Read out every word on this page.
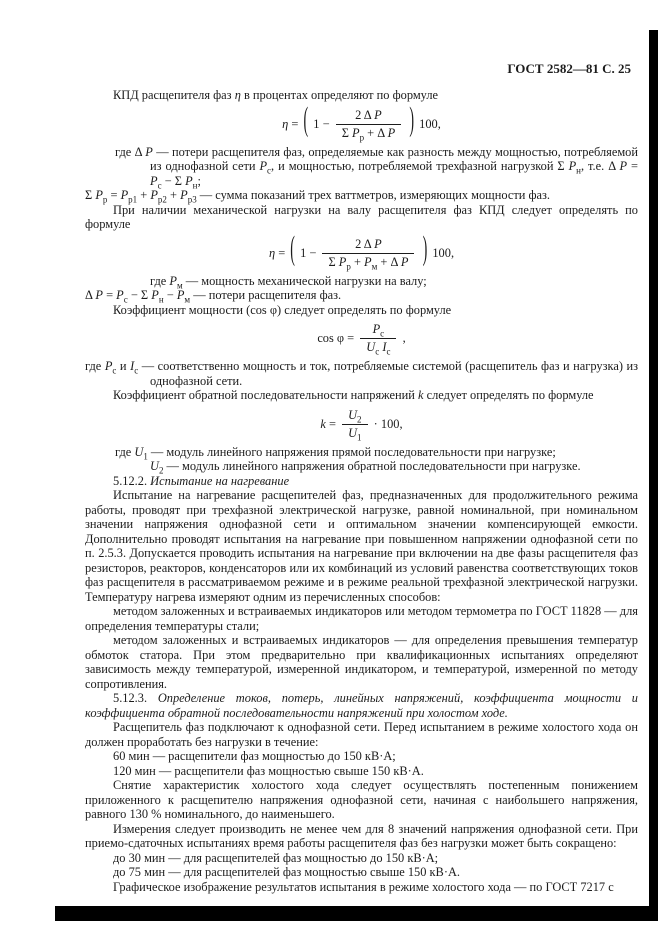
ГОСТ 2582—81 С. 25

КПД расщепителя фаз η в процентах определяют по формуле

η = ( $1 - \frac{\text{2 Δ P}}{\Sigma P_р + \Delta P}$ ) 100,

где Δ P — потери расщепителя фаз, определяемые как разность между мощностью, потребляемой из однофазной сети $P_с$, и мощностью, потребляемой трехфазной нагрузкой Σ $P_н$, т.е. Δ $P = P_с - \Sigma$ $P_н$;

Σ $P_р = P_{р1} + P_{р2} + P_{р3}$ — сумма показаний трех ваттметров, измеряющих мощности фаз.

При наличии механической нагрузки на валу расщепителя фаз КПД следует определять по формуле

η = ( $1 - \frac{\text{2 Δ P}}{\Sigma P_р + P_м + \Delta P}$ ) 100,

где $P_м$ — мощность механической нагрузки на валу;

Δ $P = P_с - \Sigma$ $P_н - P_м$ — потери расщепителя фаз.

Коэффициент мощности (cos φ) следует определять по формуле

$\cos \varphi = \frac{P_с}{U_с I_с}$ ,

где $P_с$ и $I_с$ — соответственно мощность и ток, потребляемые системой (расщепитель фаз и нагрузка) из однофазной сети.

Коэффициент обратной последовательности напряжений k следует определять по формуле

$k = \frac{U_2}{U_1} \cdot 100$,

где $U_1$ — модуль линейного напряжения прямой последовательности при нагрузке;

$U_2$ — модуль линейного напряжения обратной последовательности при нагрузке.

5.12.2. Испытание на нагревание

Испытание на нагревание расщепителей фаз, предназначенных для продолжительного режима работы, проводят при трехфазной электрической нагрузке, равной номинальной, при номинальном значении напряжения однофазной сети и оптимальном значении компенсирующей емкости. Дополнительно проводят испытания на нагревание при повышенном напряжении однофазной сети по п. 2.5.3. Допускается проводить испытания на нагревание при включении на две фазы расщепителя фаз резисторов, реакторов, конденсаторов или их комбинаций из условий равенства соответствующих токов фаз расщепителя в рассматриваемом режиме и в режиме реальной трехфазной электрической нагрузки. Температуру нагрева измеряют одним из перечисленных способов:

методом заложенных и встраиваемых индикаторов или методом термометра по ГОСТ 11828 — для определения температуры стали;

методом заложенных и встраиваемых индикаторов — для определения превышения температур обмоток статора. При этом предварительно при квалификационных испытаниях определяют зависимость между температурой, измеренной индикатором, и температурой, измеренной по методу сопротивления.

5.12.3. Определение токов, потерь, линейных напряжений, коэффициента мощности и коэффициента обратной последовательности напряжений при холостом ходе.

Расщепитель фаз подключают к однофазной сети. Перед испытанием в режиме холостого хода он должен проработать без нагрузки в течение:

60 мин — расщепители фаз мощностью до 150 кВ·А;

120 мин — расщепители фаз мощностью свыше 150 кВ·А.

Снятие характеристик холостого хода следует осуществлять постепенным понижением приложенного к расщепителю напряжения однофазной сети, начиная с наибольшего напряжения, равного 130 % номинального, до наименьшего.

Измерения следует производить не менее чем для 8 значений напряжения однофазной сети. При приемо-сдаточных испытаниях время работы расщепителя фаз без нагрузки может быть сокращено:

до 30 мин — для расщепителей фаз мощностью до 150 кВ·А;

до 75 мин — для расщепителей фаз мощностью свыше 150 кВ·А.

Графическое изображение результатов испытания в режиме холостого хода — по ГОСТ 7217 с
